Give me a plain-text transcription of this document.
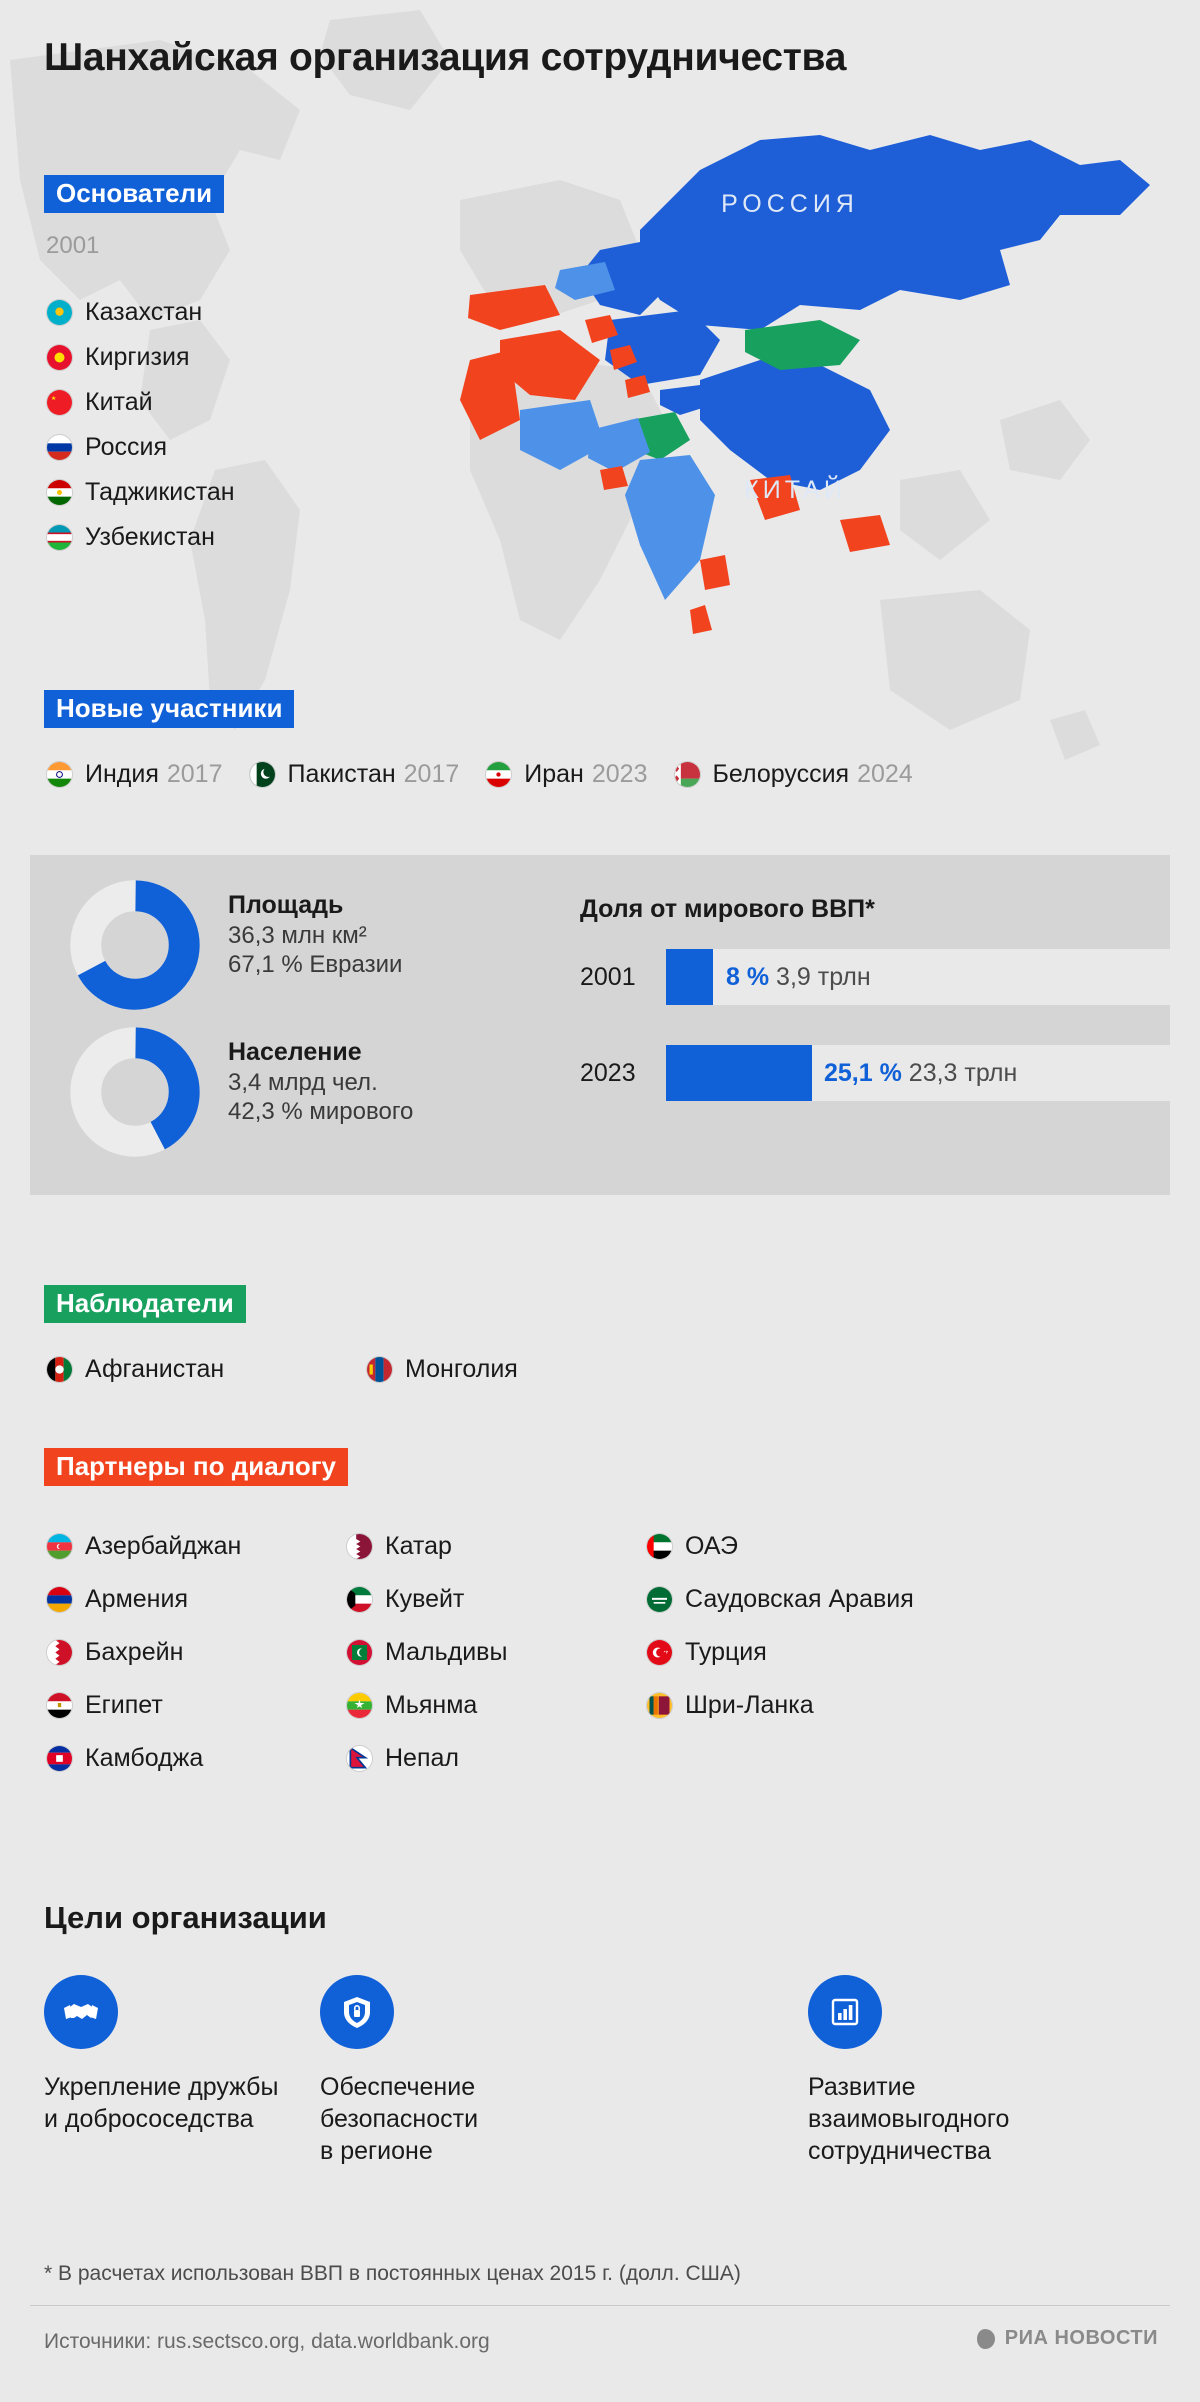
РОССИЯ
КИТАЙ
Шанхайская организация сотрудничества
Основатели
2001
Казахстан
Киргизия
Китай
Россия
Таджикистан
Узбекистан
Новые участники
Индия 2017	Пакистан 2017	Иран 2023	Белоруссия 2024
Площадь
36,3 млн км²
67,1 % Евразии
Население
3,4 млрд чел.
42,3 % мирового
Доля от мирового ВВП*
2001	8 % 3,9 трлн
2023	25,1 % 23,3 трлн
Наблюдатели
Афганистан	Монголия
Партнеры по диалогу
Азербайджан
Армения
Бахрейн
Египет
Камбоджа
Катар
Кувейт
Мальдивы
Мьянма
Непал
ОАЭ
Саудовская Аравия
Турция
Шри-Ланка
Цели организации
Укрепление дружбы
и добрососедства
Обеспечение
безопасности
в регионе
Развитие
взаимовыгодного
сотрудничества
* В расчетах использован ВВП в постоянных ценах 2015 г. (долл. США)
Источники: rus.sectsco.org, data.worldbank.org	РИА НОВОСТИ
